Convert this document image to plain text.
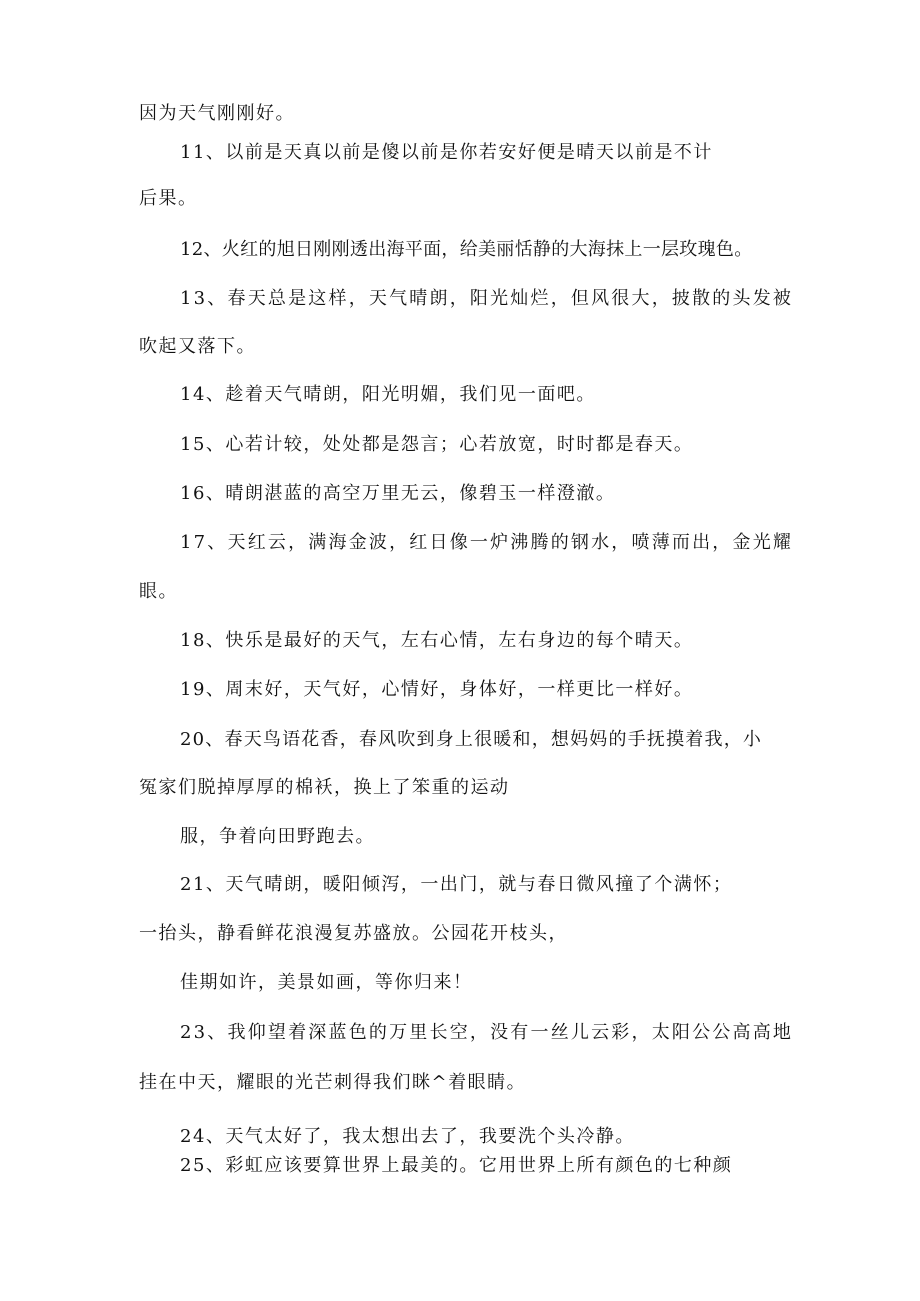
因为天气刚刚好。
11、以前是天真以前是傻以前是你若安好便是晴天以前是不计
后果。
12、火红的旭日刚刚透出海平面，给美丽恬静的大海抹上一层玫瑰色。
13、春天总是这样，天气晴朗，阳光灿烂，但风很大，披散的头发被
吹起又落下。
14、趁着天气晴朗，阳光明媚，我们见一面吧。
15、心若计较，处处都是怨言；心若放宽，时时都是春天。
16、晴朗湛蓝的高空万里无云，像碧玉一样澄澈。
17、天红云，满海金波，红日像一炉沸腾的钢水，喷薄而出，金光耀
眼。
18、快乐是最好的天气，左右心情，左右身边的每个晴天。
19、周末好，天气好，心情好，身体好，一样更比一样好。
20、春天鸟语花香，春风吹到身上很暖和，想妈妈的手抚摸着我，小
冤家们脱掉厚厚的棉袄，换上了笨重的运动
服，争着向田野跑去。
21、天气晴朗，暖阳倾泻，一出门，就与春日微风撞了个满怀；
一抬头，静看鲜花浪漫复苏盛放。公园花开枝头，
佳期如许，美景如画，等你归来！
23、我仰望着深蓝色的万里长空，没有一丝儿云彩，太阳公公高高地
挂在中天，耀眼的光芒刺得我们眯^着眼睛。
24、天气太好了，我太想出去了，我要洗个头冷静。
25、彩虹应该要算世界上最美的。它用世界上所有颜色的七种颜
